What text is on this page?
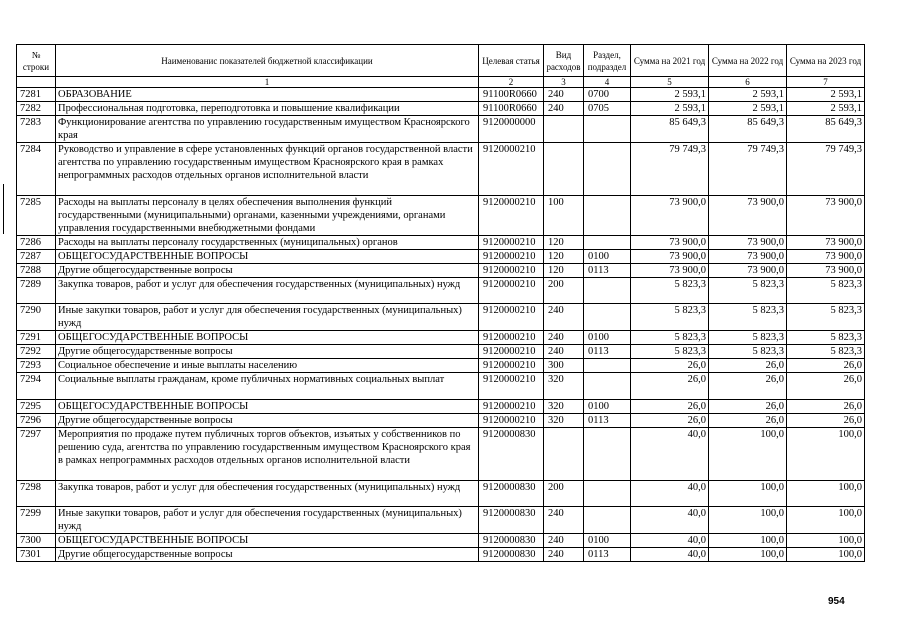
№ строки	Наименованис показателей бюджетной классификации	Целевая статья	Вид расходов	Раздел, подраздел	Сумма на 2021 год	Сумма на 2022 год	Сумма на 2023 год
	1	2	3	4	5	6	7
7281	ОБРАЗОВАНИЕ	91100R0660	240	0700	2 593,1	2 593,1	2 593,1
7282	Профессиональная подготовка, переподготовка и повышение квалификации	91100R0660	240	0705	2 593,1	2 593,1	2 593,1
7283	Функционирование агентства по управлению государственным имуществом Красноярского края	9120000000			85 649,3	85 649,3	85 649,3
7284	Руководство и управление в сфере установленных функций органов государственной власти агентства по управлению государственным имуществом Красноярского края в рамках непрограммных расходов отдельных органов исполнительной власти	9120000210			79 749,3	79 749,3	79 749,3
7285	Расходы на выплаты персоналу в целях обеспечения выполнения функций государственными (муниципальными) органами, казенными учреждениями, органами управления государственными внебюджетными фондами	9120000210	100		73 900,0	73 900,0	73 900,0
7286	Расходы на выплаты персоналу государственных (муниципальных) органов	9120000210	120		73 900,0	73 900,0	73 900,0
7287	ОБЩЕГОСУДАРСТВЕННЫЕ ВОПРОСЫ	9120000210	120	0100	73 900,0	73 900,0	73 900,0
7288	Другие общегосударственные вопросы	9120000210	120	0113	73 900,0	73 900,0	73 900,0
7289	Закупка товаров, работ и услуг для обеспечения государственных (муниципальных) нужд	9120000210	200		5 823,3	5 823,3	5 823,3
7290	Иные закупки товаров, работ и услуг для обеспечения государственных (муниципальных) нужд	9120000210	240		5 823,3	5 823,3	5 823,3
7291	ОБЩЕГОСУДАРСТВЕННЫЕ ВОПРОСЫ	9120000210	240	0100	5 823,3	5 823,3	5 823,3
7292	Другие общегосударственные вопросы	9120000210	240	0113	5 823,3	5 823,3	5 823,3
7293	Социальное обеспечение и иные выплаты населению	9120000210	300		26,0	26,0	26,0
7294	Социальные выплаты гражданам, кроме публичных нормативных социальных выплат	9120000210	320		26,0	26,0	26,0
7295	ОБЩЕГОСУДАРСТВЕННЫЕ ВОПРОСЫ	9120000210	320	0100	26,0	26,0	26,0
7296	Другие общегосударственные вопросы	9120000210	320	0113	26,0	26,0	26,0
7297	Мероприятия по продаже путем публичных торгов объектов, изъятых у собственников по решению суда, агентства по управлению государственным имуществом Красноярского края в рамках непрограммных расходов отдельных органов исполнительной власти	9120000830			40,0	100,0	100,0
7298	Закупка товаров, работ и услуг для обеспечения государственных (муниципальных) нужд	9120000830	200		40,0	100,0	100,0
7299	Иные закупки товаров, работ и услуг для обеспечения государственных (муниципальных) нужд	9120000830	240		40,0	100,0	100,0
7300	ОБЩЕГОСУДАРСТВЕННЫЕ ВОПРОСЫ	9120000830	240	0100	40,0	100,0	100,0
7301	Другие общегосударственные вопросы	9120000830	240	0113	40,0	100,0	100,0
954
